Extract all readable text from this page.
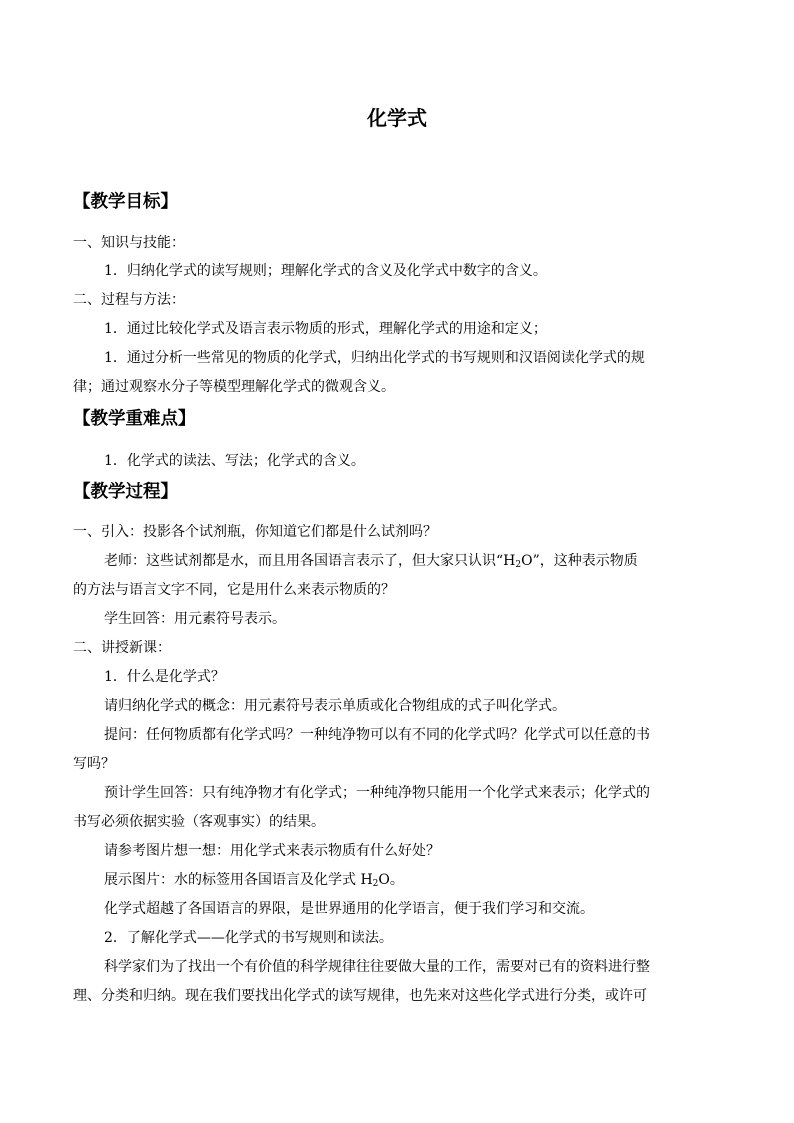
化学式
【教学目标】
一、知识与技能：
1．归纳化学式的读写规则；理解化学式的含义及化学式中数字的含义。
二、过程与方法：
1．通过比较化学式及语言表示物质的形式，理解化学式的用途和定义；
1．通过分析一些常见的物质的化学式，归纳出化学式的书写规则和汉语阅读化学式的规
律；通过观察水分子等模型理解化学式的微观含义。
【教学重难点】
1．化学式的读法、写法；化学式的含义。
【教学过程】
一、引入：投影各个试剂瓶，你知道它们都是什么试剂吗？
老师：这些试剂都是水，而且用各国语言表示了，但大家只认识“$H_2O$”，这种表示物质
的方法与语言文字不同，它是用什么来表示物质的？
学生回答：用元素符号表示。
二、讲授新课：
1．什么是化学式？
请归纳化学式的概念：用元素符号表示单质或化合物组成的式子叫化学式。
提问：任何物质都有化学式吗？一种纯净物可以有不同的化学式吗？化学式可以任意的书
写吗？
预计学生回答：只有纯净物才有化学式；一种纯净物只能用一个化学式来表示；化学式的
书写必须依据实验（客观事实）的结果。
请参考图片想一想：用化学式来表示物质有什么好处？
展示图片：水的标签用各国语言及化学式 $H_2O$。
化学式超越了各国语言的界限，是世界通用的化学语言，便于我们学习和交流。
2．了解化学式——化学式的书写规则和读法。
科学家们为了找出一个有价值的科学规律往往要做大量的工作，需要对已有的资料进行整
理、分类和归纳。现在我们要找出化学式的读写规律，也先来对这些化学式进行分类，或许可
